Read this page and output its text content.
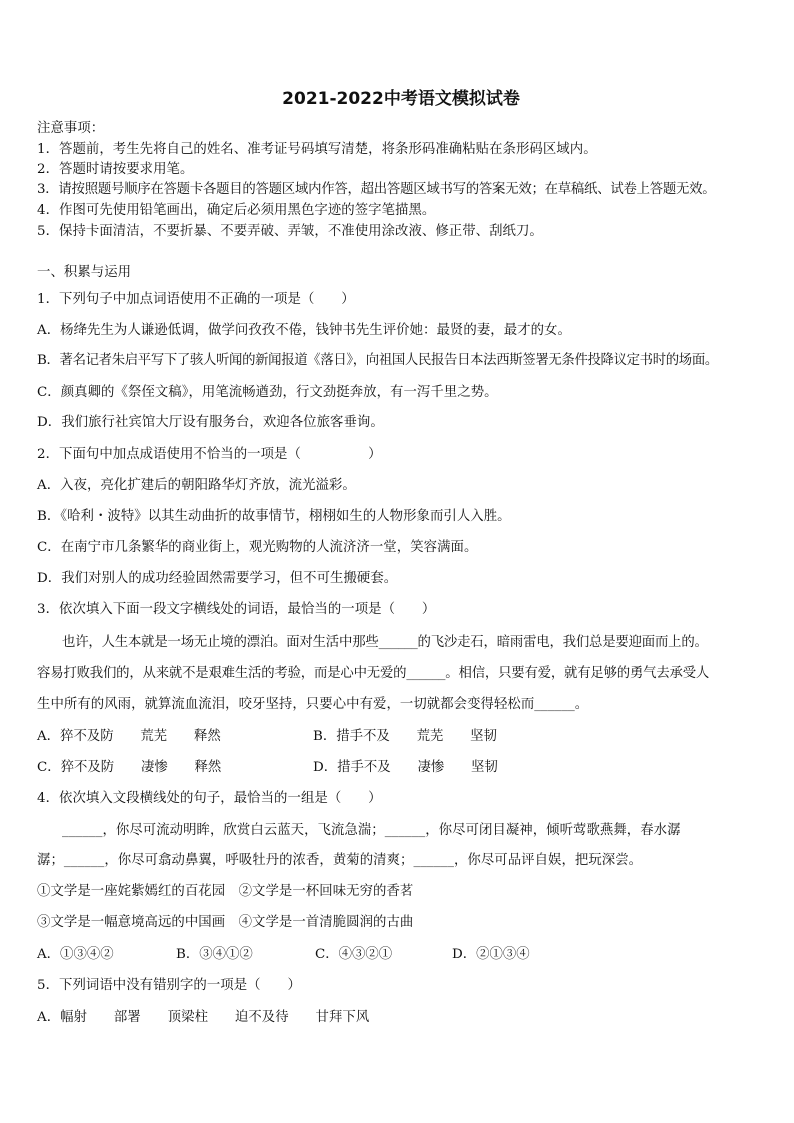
2021-2022中考语文模拟试卷
注意事项：
1．答题前，考生先将自己的姓名、准考证号码填写清楚，将条形码准确粘贴在条形码区域内。
2．答题时请按要求用笔。
3．请按照题号顺序在答题卡各题目的答题区域内作答，超出答题区域书写的答案无效；在草稿纸、试卷上答题无效。
4．作图可先使用铅笔画出，确定后必须用黑色字迹的签字笔描黑。
5．保持卡面清洁，不要折暴、不要弄破、弄皱，不准使用涂改液、修正带、刮纸刀。
一、积累与运用
1．下列句子中加点词语使用不正确的一项是（　　）
A．杨绛先生为人谦逊低调，做学问孜孜不倦，钱钟书先生评价她：最贤的妻，最才的女。
B．著名记者朱启平写下了骇人听闻的新闻报道《落日》，向祖国人民报告日本法西斯签署无条件投降议定书时的场面。
C．颜真卿的《祭侄文稿》，用笔流畅遒劲，行文劲挺奔放，有一泻千里之势。
D．我们旅行社宾馆大厅设有服务台，欢迎各位旅客垂询。
2．下面句中加点成语使用不恰当的一项是（　　　　　）
A．入夜，亮化扩建后的朝阳路华灯齐放，流光溢彩。
B．《哈利・波特》以其生动曲折的故事情节，栩栩如生的人物形象而引人入胜。
C．在南宁市几条繁华的商业街上，观光购物的人流济济一堂，笑容满面。
D．我们对别人的成功经验固然需要学习，但不可生搬硬套。
3．依次填入下面一段文字横线处的词语，最恰当的一项是（　　）
也许，人生本就是一场无止境的漂泊。面对生活中那些______的飞沙走石，暗雨雷电，我们总是要迎面而上的。
容易打败我们的，从来就不是艰难生活的考验，而是心中无爱的______。相信，只要有爱，就有足够的勇气去承受人
生中所有的风雨，就算流血流泪，咬牙坚持，只要心中有爱，一切就都会变得轻松而______。
A．猝不及防　　荒芜　　释然	B．措手不及　　荒芜　　坚韧
C．猝不及防　　凄惨　　释然	D．措手不及　　凄惨　　坚韧
4．依次填入文段横线处的句子，最恰当的一组是（　　）
______，你尽可流动明眸，欣赏白云蓝天，飞流急湍；______，你尽可闭目凝神，倾听莺歌燕舞，春水潺
潺；______，你尽可翕动鼻翼，呼吸牡丹的浓香，黄菊的清爽；______，你尽可品评自娱，把玩深尝。
①文学是一座姹紫嫣红的百花园　②文学是一杯回味无穷的香茗
③文学是一幅意境高远的中国画　④文学是一首清脆圆润的古曲
A．①③④②	B．③④①②	C．④③②①	D．②①③④
5．下列词语中没有错别字的一项是（　　）
A．幅射　　部署　　顶梁柱　　迫不及待　　甘拜下风
